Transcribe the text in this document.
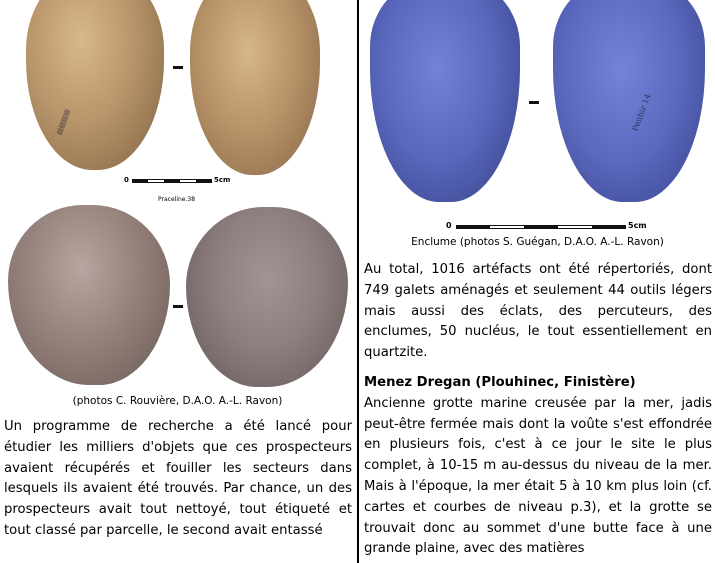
▤▤▤▤
0	5cm
Praceline.38
(photos C. Rouvière, D.A.O. A.-L. Ravon)

Un programme de recherche a été lancé pour étudier les milliers d'objets que ces prospecteurs avaient récupérés et fouiller les secteurs dans lesquels ils avaient été trouvés. Par chance, un des prospecteurs avait tout nettoyé, tout étiqueté et tout classé par parcelle, le second avait entassé

Penhir 14
0	5cm
Enclume (photos S. Guégan, D.A.O. A.-L. Ravon)

Au total, 1016 artéfacts ont été répertoriés, dont 749 galets aménagés et seulement 44 outils légers mais aussi des éclats, des percuteurs, des enclumes, 50 nucléus, le tout essentiellement en quartzite.

Menez Dregan (Plouhinec, Finistère)

Ancienne grotte marine creusée par la mer, jadis peut-être fermée mais dont la voûte s'est effondrée en plusieurs fois, c'est à ce jour le site le plus complet, à 10-15 m au-dessus du niveau de la mer. Mais à l'époque, la mer était 5 à 10 km plus loin (cf. cartes et courbes de niveau p.3), et la grotte se trouvait donc au sommet d'une butte face à une grande plaine, avec des matières
